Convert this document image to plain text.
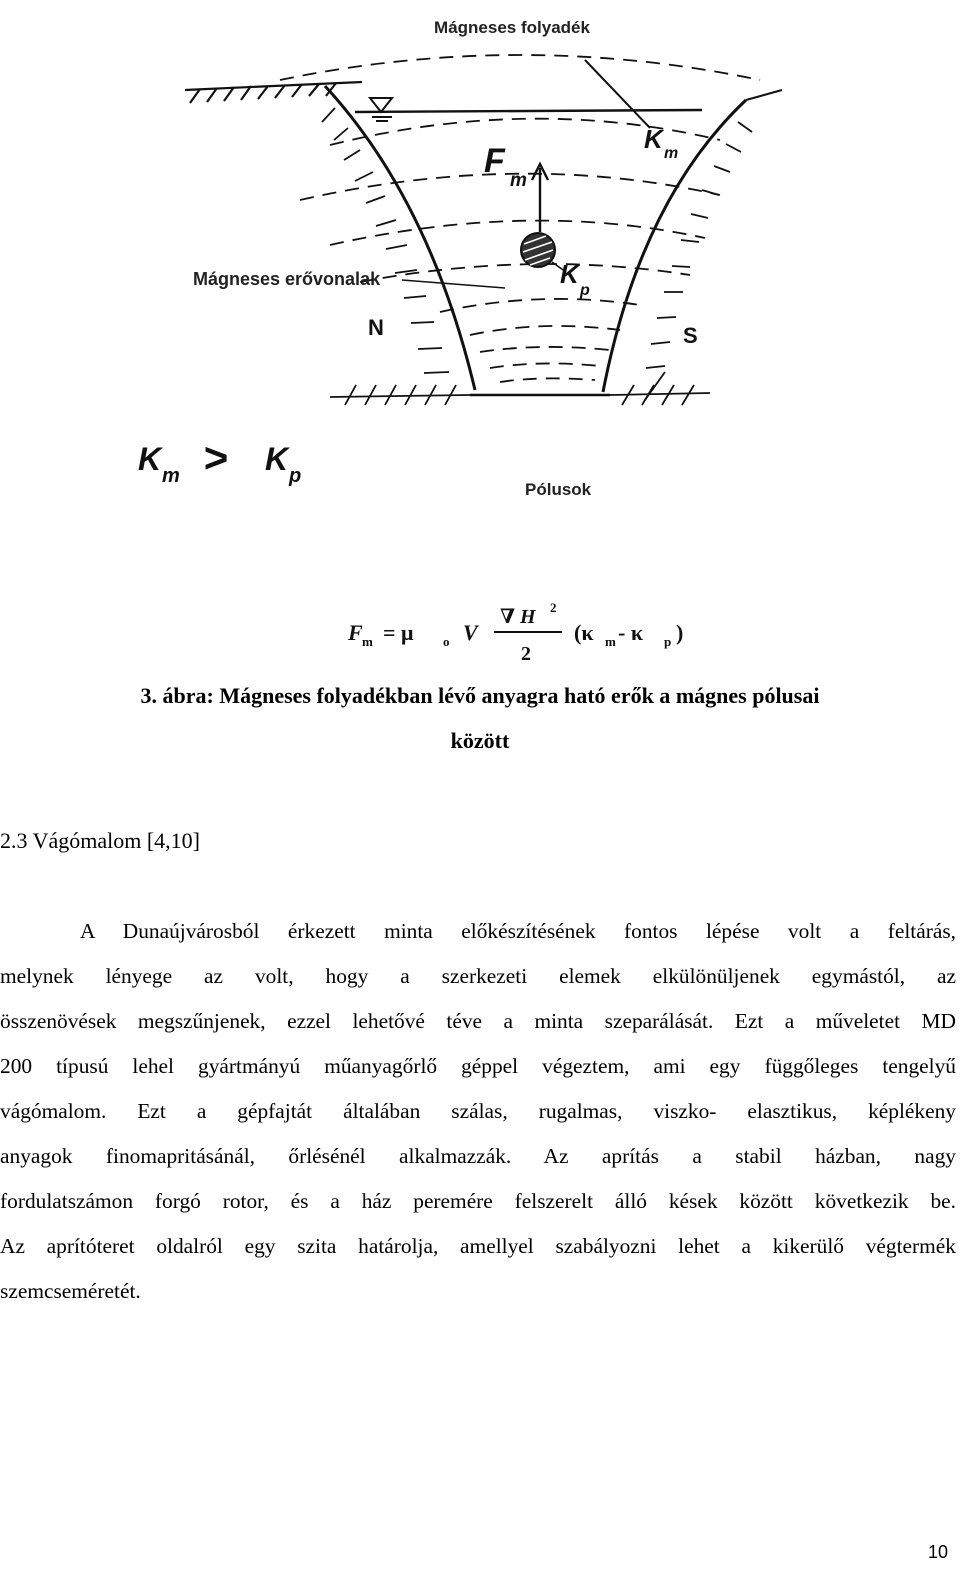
Mágneses folyadék
F
m
K m
K
p
Mágneses erővonalak
N	S
Pólusok
K m > K p
F m = μ o V
∇ H 2
2
(κ m - κ p )
3. ábra: Mágneses folyadékban lévő anyagra ható erők a mágnes pólusai
között
2.3 Vágómalom [4,10]
A Dunaújvárosból érkezett minta előkészítésének fontos lépése volt a feltárás,
melynek lényege az volt, hogy a szerkezeti elemek elkülönüljenek egymástól, az
összenövések megszűnjenek, ezzel lehetővé téve a minta szeparálását. Ezt a műveletet MD
200 típusú lehel gyártmányú műanyagőrlő géppel végeztem, ami egy függőleges tengelyű
vágómalom. Ezt a gépfajtát általában szálas, rugalmas, viszko- elasztikus, képlékeny
anyagok finomapritásánál, őrlésénél alkalmazzák. Az aprítás a stabil házban, nagy
fordulatszámon forgó rotor, és a ház peremére felszerelt álló kések között következik be.
Az aprítóteret oldalról egy szita határolja, amellyel szabályozni lehet a kikerülő végtermék
szemcseméretét.
10
